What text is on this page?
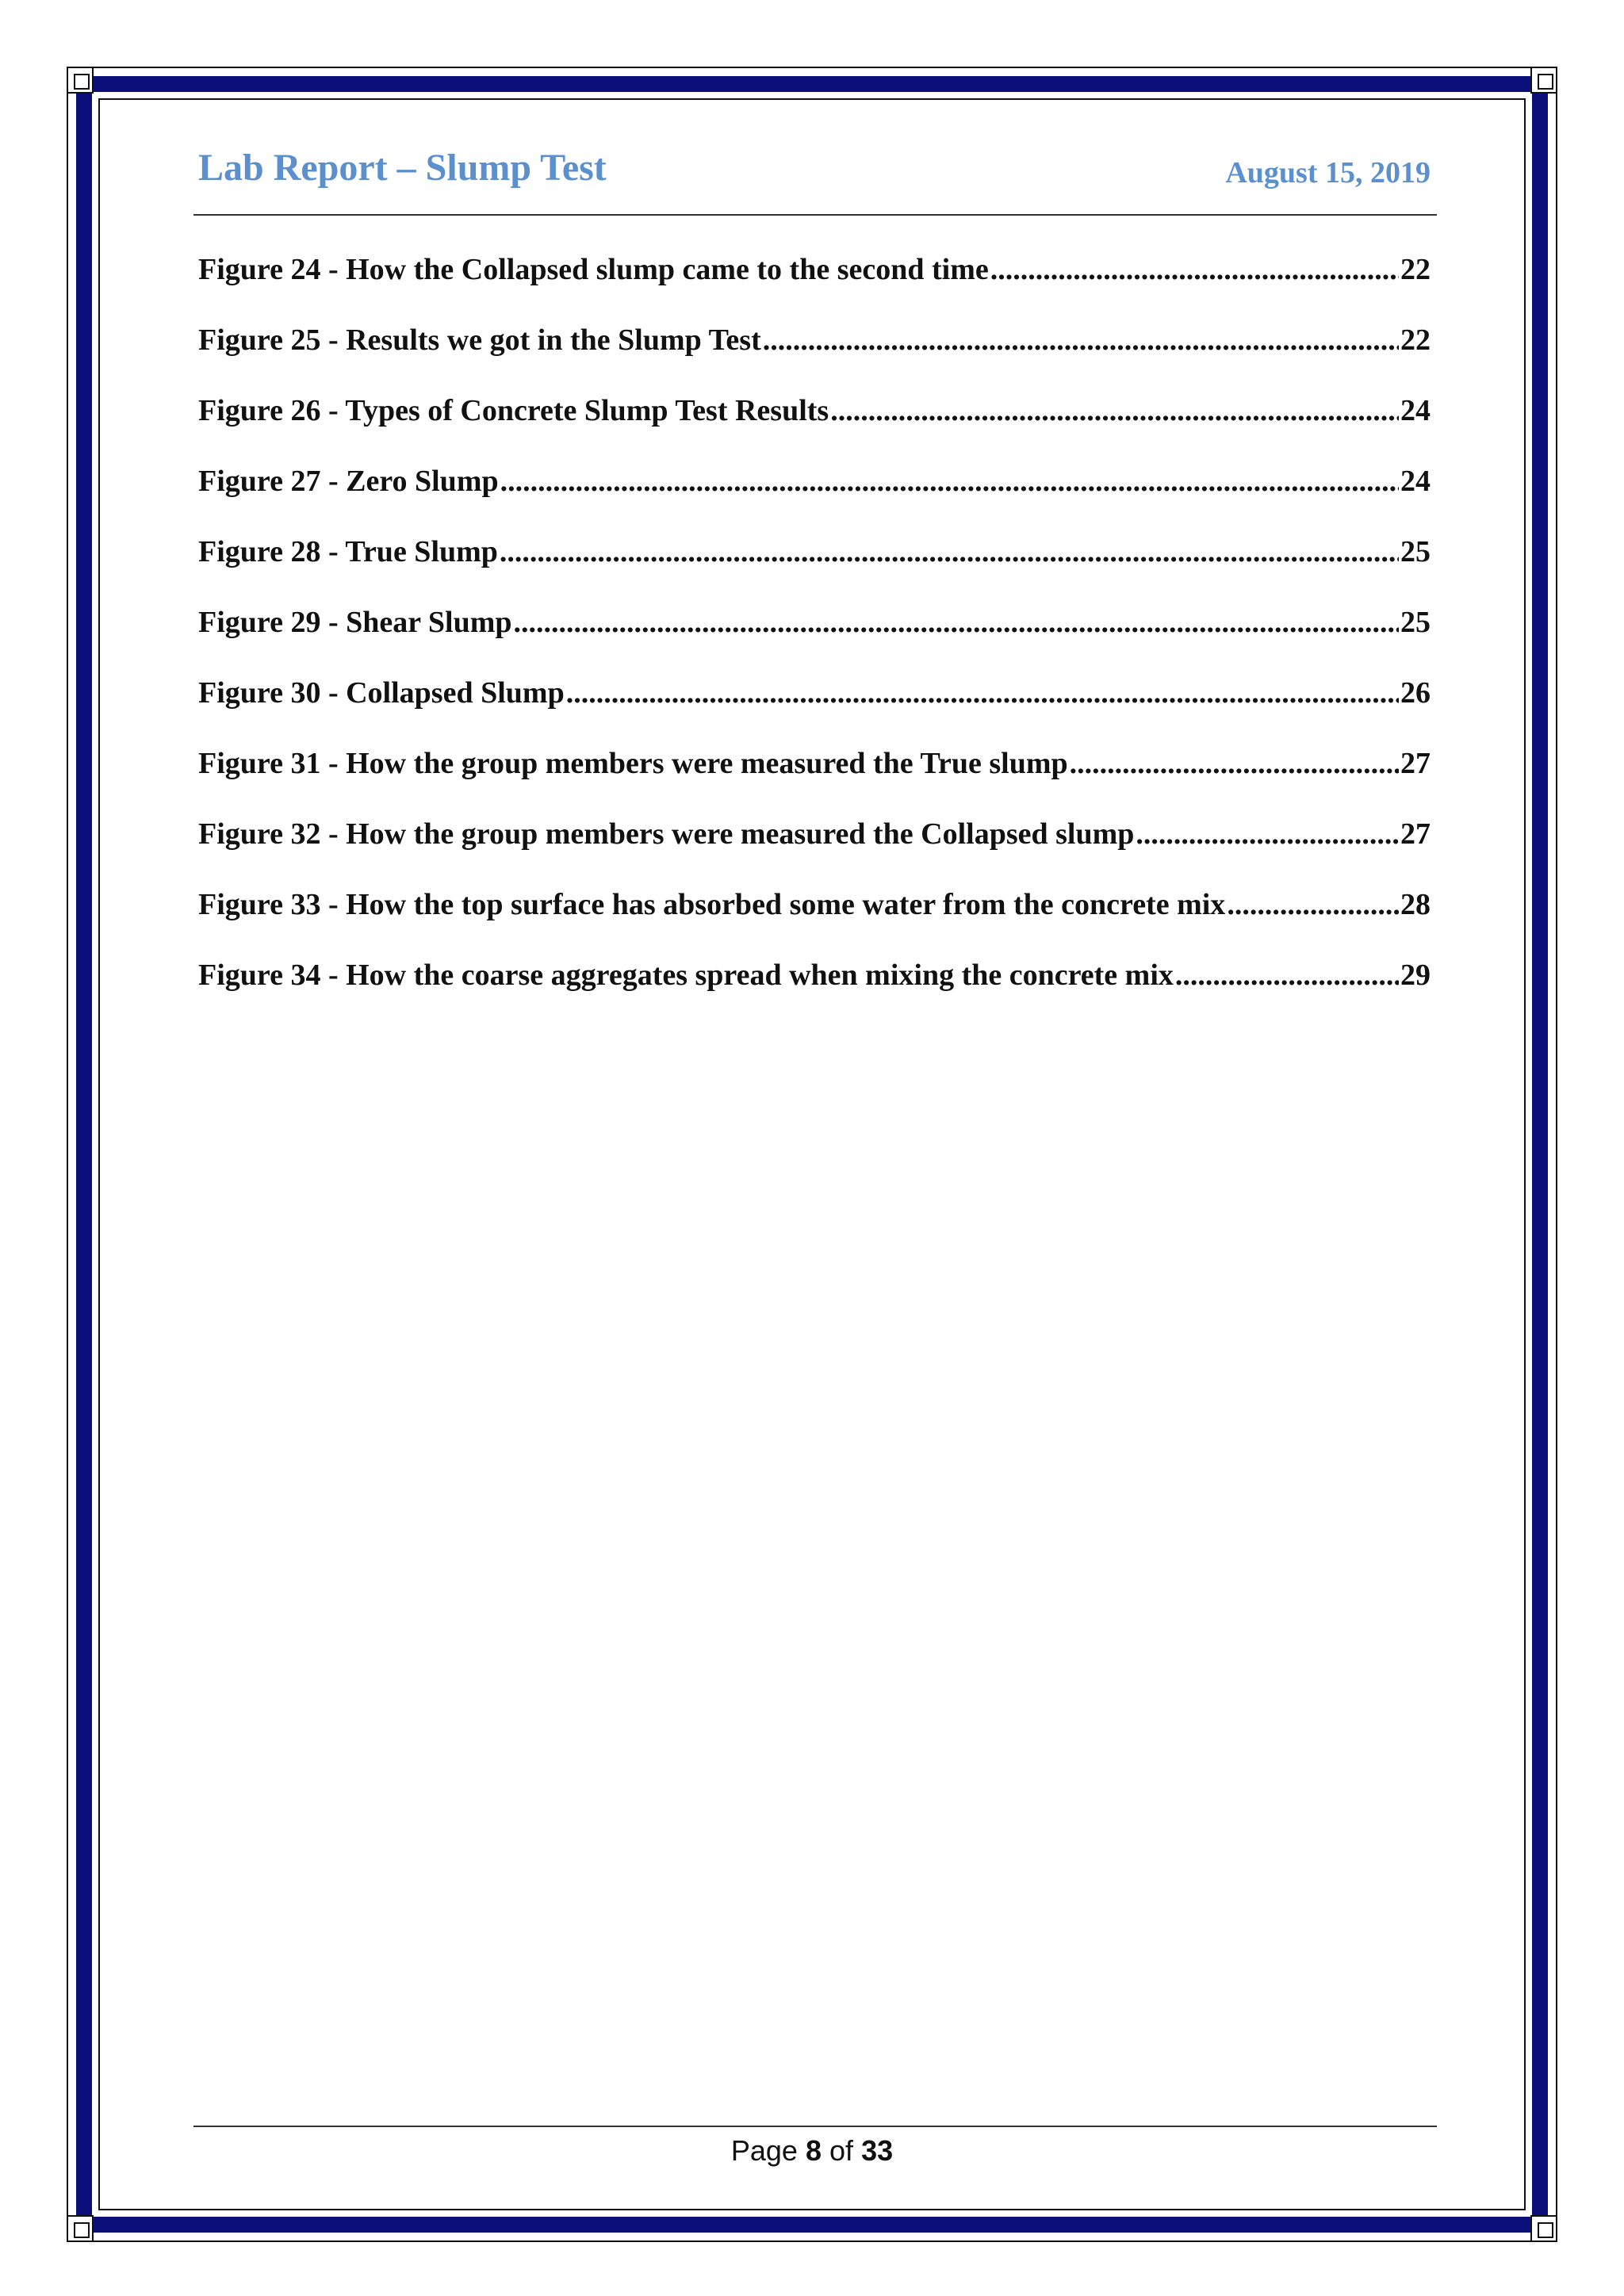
Lab Report – Slump Test	August 15, 2019
Figure 24 - How the Collapsed slump came to the second time .....	22
Figure 25 - Results we got in the Slump Test .....	22
Figure 26 - Types of Concrete Slump Test Results .....	24
Figure 27 - Zero Slump .....	24
Figure 28 - True Slump .....	25
Figure 29 - Shear Slump .....	25
Figure 30 - Collapsed Slump .....	26
Figure 31 - How the group members were measured the True slump .....	27
Figure 32 - How the group members were measured the Collapsed slump .....	27
Figure 33 - How the top surface has absorbed some water from the concrete mix .....	28
Figure 34 - How the coarse aggregates spread when mixing the concrete mix .....	29
Page 8 of 33
